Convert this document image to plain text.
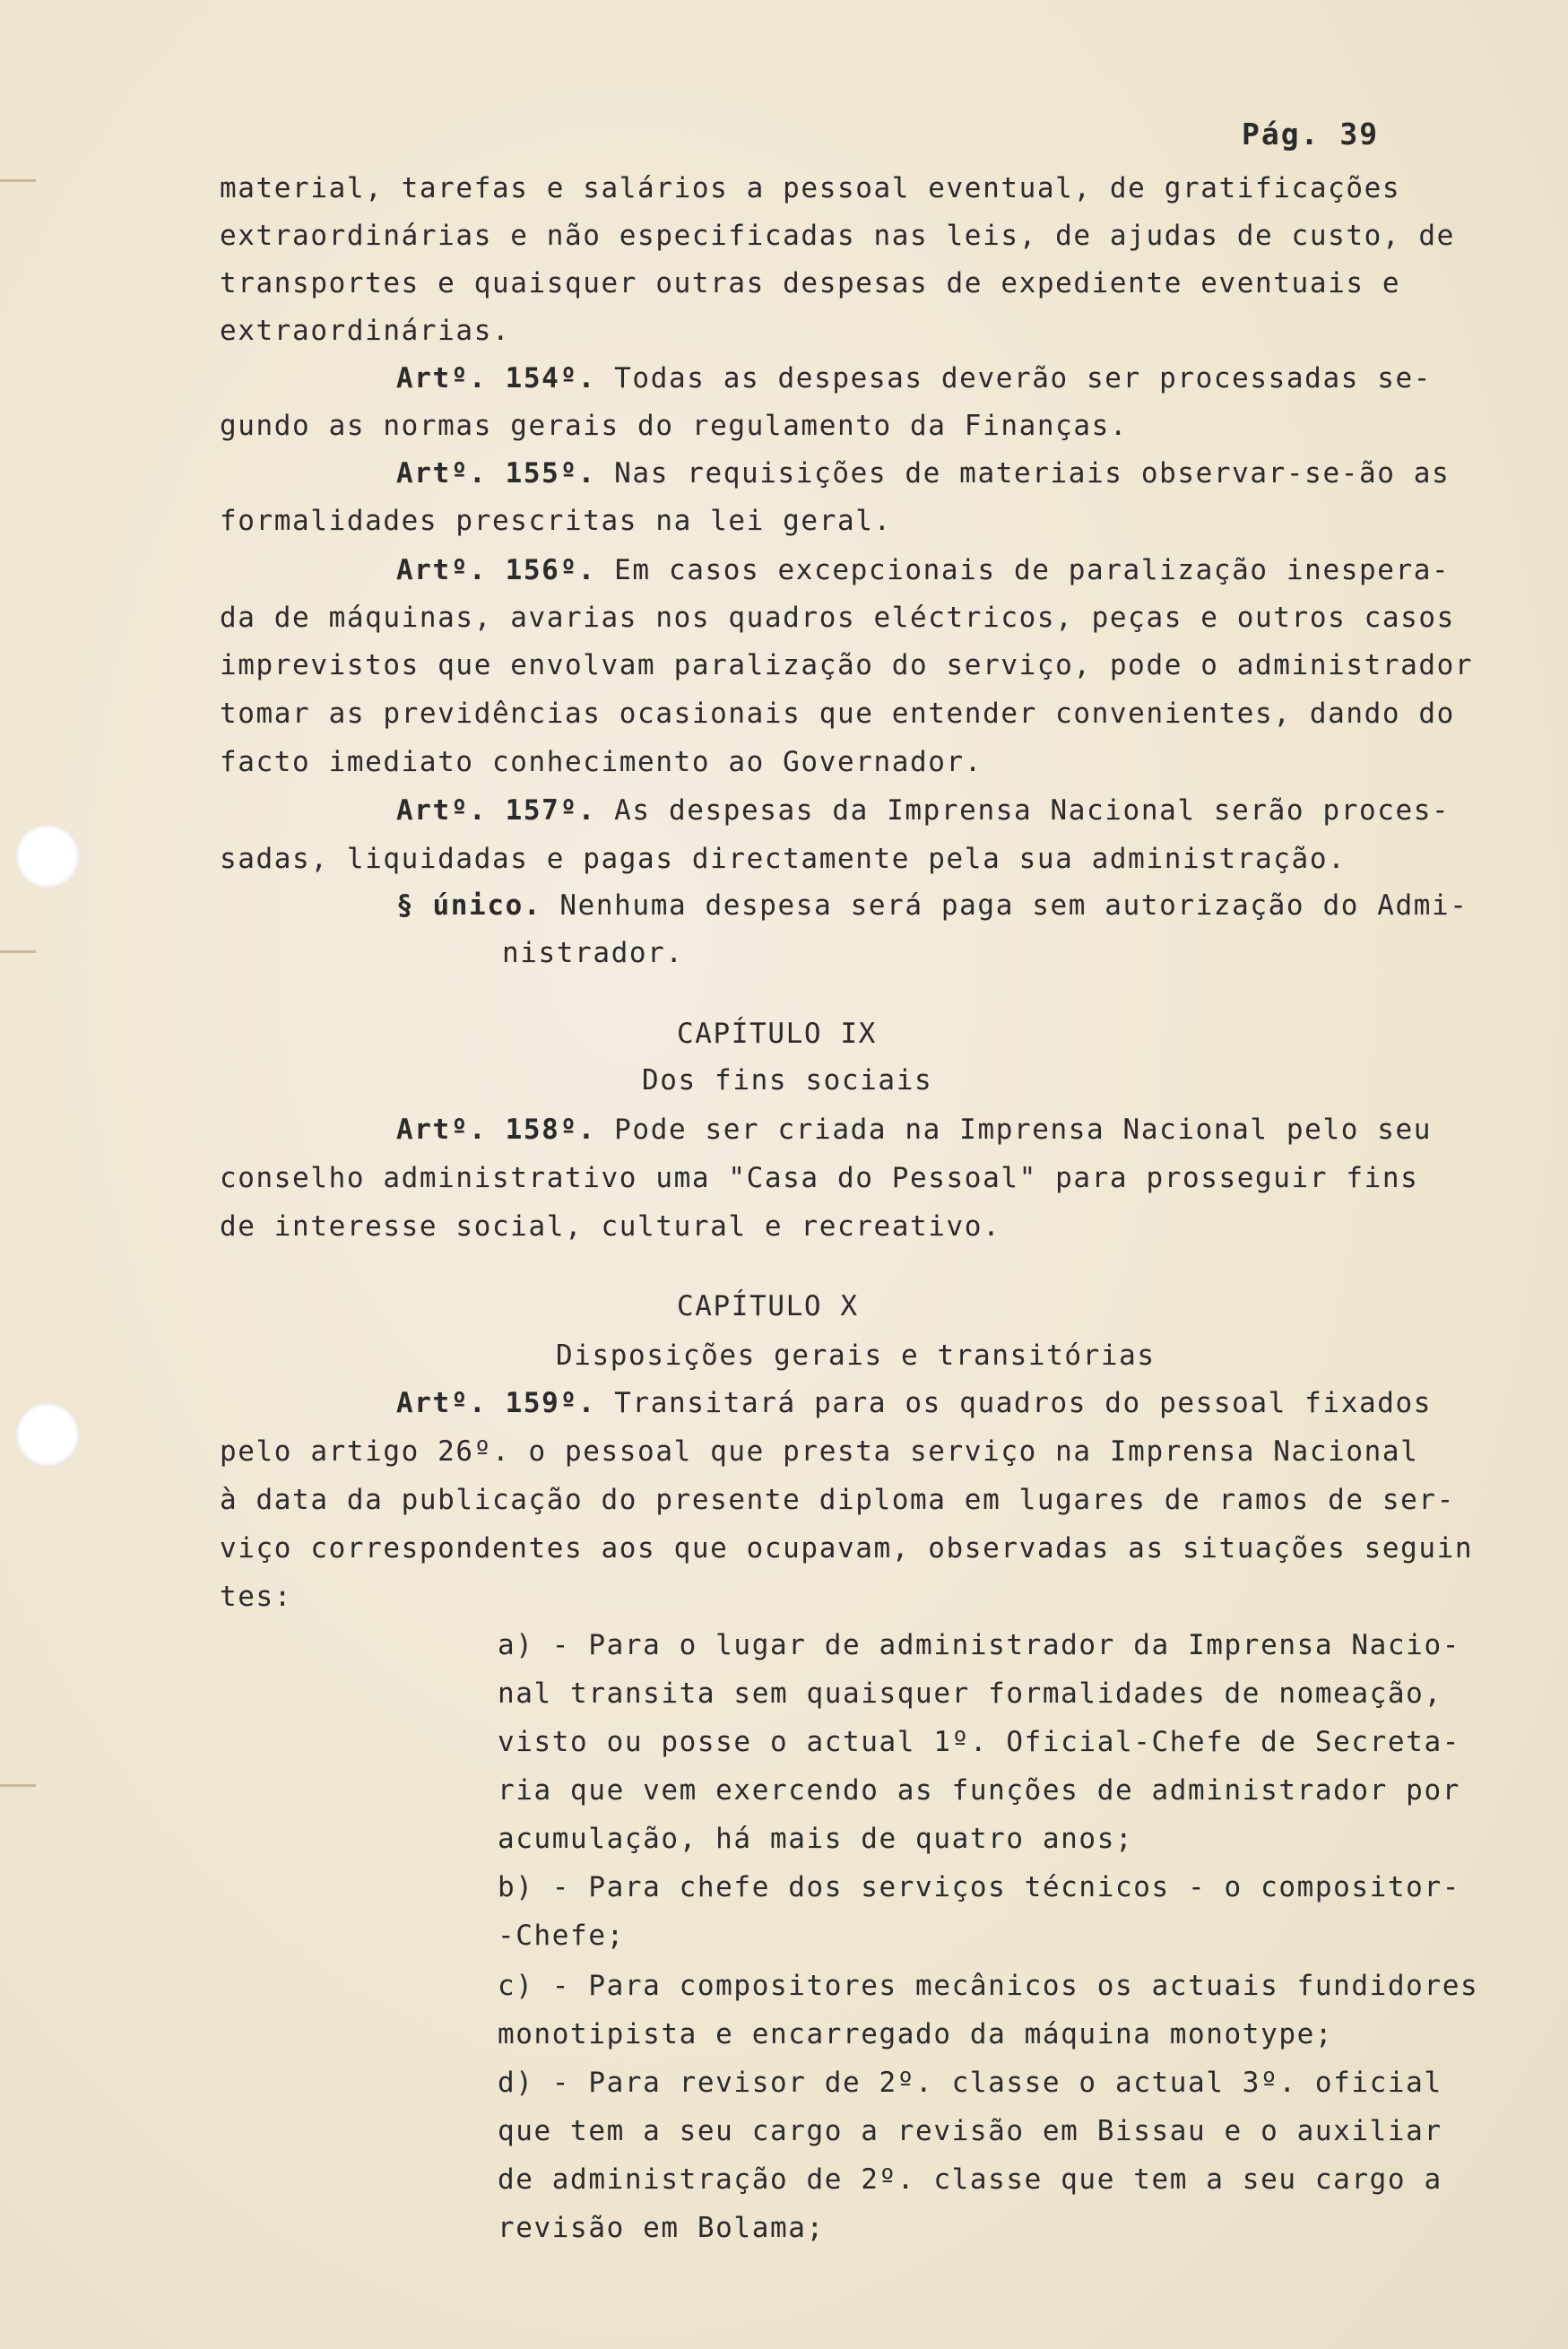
Pág. 39
material, tarefas e salários a pessoal eventual, de gratificações
extraordinárias e não especificadas nas leis, de ajudas de custo, de
transportes e quaisquer outras despesas de expediente eventuais e
extraordinárias.
Artº. 154º. Todas as despesas deverão ser processadas se-
gundo as normas gerais do regulamento da Finanças.
Artº. 155º. Nas requisições de materiais observar-se-ão as
formalidades prescritas na lei geral.
Artº. 156º. Em casos excepcionais de paralização inespera-
da de máquinas, avarias nos quadros eléctricos, peças e outros casos
imprevistos que envolvam paralização do serviço, pode o administrador
tomar as previdências ocasionais que entender convenientes, dando do
facto imediato conhecimento ao Governador.
Artº. 157º. As despesas da Imprensa Nacional serão proces-
sadas, liquidadas e pagas directamente pela sua administração.
§ único. Nenhuma despesa será paga sem autorização do Admi-
nistrador.
CAPÍTULO IX
Dos fins sociais
Artº. 158º. Pode ser criada na Imprensa Nacional pelo seu
conselho administrativo uma "Casa do Pessoal" para prosseguir fins
de interesse social, cultural e recreativo.
CAPÍTULO X
Disposições gerais e transitórias
Artº. 159º. Transitará para os quadros do pessoal fixados
pelo artigo 26º. o pessoal que presta serviço na Imprensa Nacional
à data da publicação do presente diploma em lugares de ramos de ser-
viço correspondentes aos que ocupavam, observadas as situações seguin
tes:
a) - Para o lugar de administrador da Imprensa Nacio-
nal transita sem quaisquer formalidades de nomeação,
visto ou posse o actual 1º. Oficial-Chefe de Secreta-
ria que vem exercendo as funções de administrador por
acumulação, há mais de quatro anos;
b) - Para chefe dos serviços técnicos - o compositor-
-Chefe;
c) - Para compositores mecânicos os actuais fundidores
monotipista e encarregado da máquina monotype;
d) - Para revisor de 2º. classe o actual 3º. oficial
que tem a seu cargo a revisão em Bissau e o auxiliar
de administração de 2º. classe que tem a seu cargo a
revisão em Bolama;
